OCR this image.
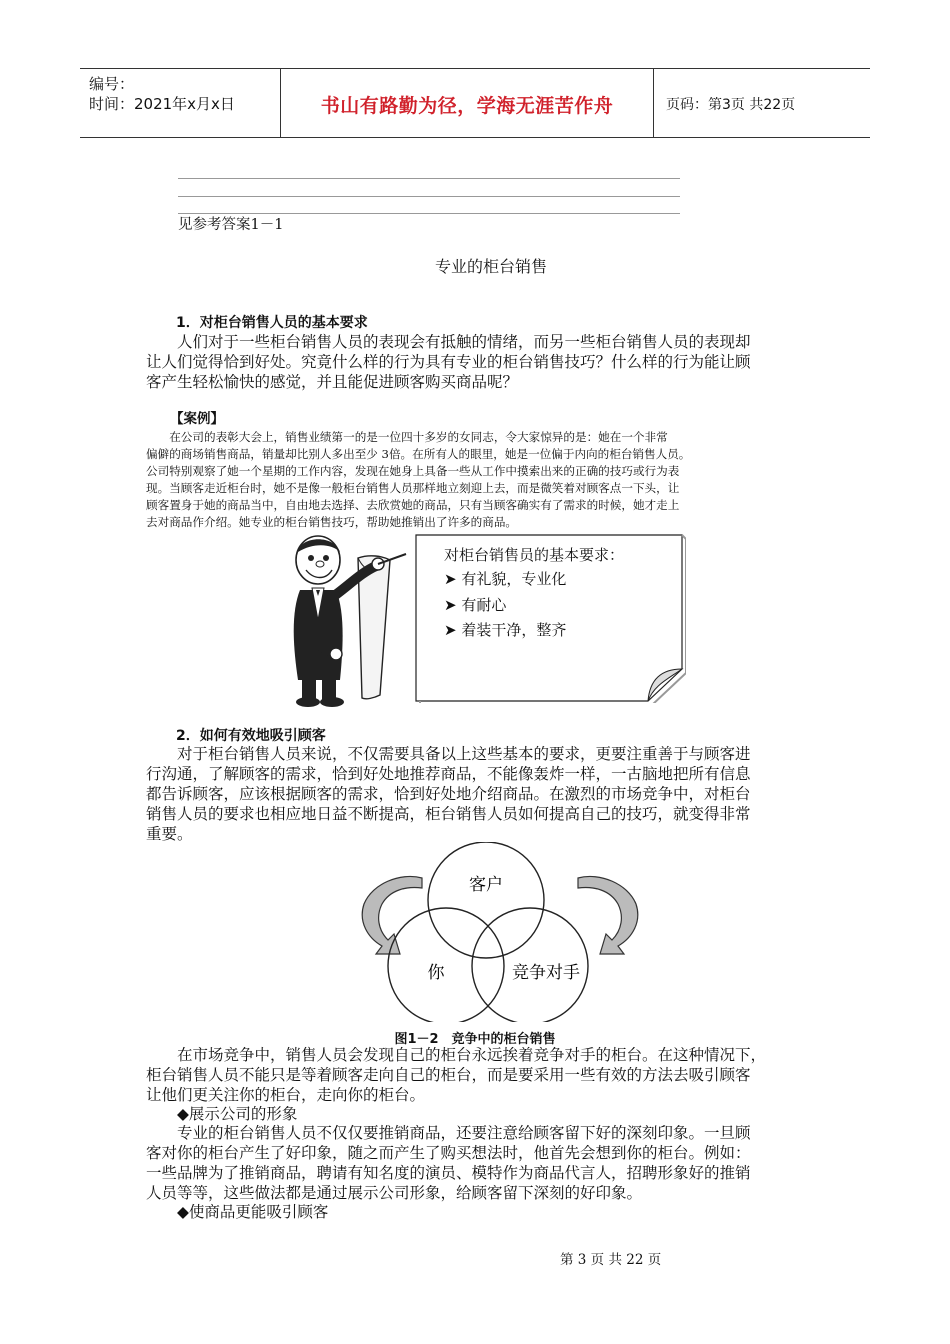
编号：
时间：2021年x月x日	书山有路勤为径，学海无涯苦作舟	页码：第3页 共22页
见参考答案1－1
专业的柜台销售
1．对柜台销售人员的基本要求
　　人们对于一些柜台销售人员的表现会有抵触的情绪，而另一些柜台销售人员的表现却
让人们觉得恰到好处。究竟什么样的行为具有专业的柜台销售技巧？什么样的行为能让顾
客产生轻松愉快的感觉，并且能促进顾客购买商品呢？
【案例】
　　在公司的表彰大会上，销售业绩第一的是一位四十多岁的女同志，令大家惊异的是：她在一个非常
偏僻的商场销售商品，销量却比别人多出至少 3倍。在所有人的眼里，她是一位偏于内向的柜台销售人员。
公司特别观察了她一个星期的工作内容，发现在她身上具备一些从工作中摸索出来的正确的技巧或行为表
现。当顾客走近柜台时，她不是像一般柜台销售人员那样地立刻迎上去，而是微笑着对顾客点一下头，让
顾客置身于她的商品当中，自由地去选择、去欣赏她的商品，只有当顾客确实有了需求的时候，她才走上
去对商品作介绍。她专业的柜台销售技巧，帮助她推销出了许多的商品。
对柜台销售员的基本要求：
➤ 有礼貌，专业化
➤ 有耐心
➤ 着装干净，整齐
2．如何有效地吸引顾客
　　对于柜台销售人员来说，不仅需要具备以上这些基本的要求，更要注重善于与顾客进
行沟通，了解顾客的需求，恰到好处地推荐商品，不能像轰炸一样，一古脑地把所有信息
都告诉顾客，应该根据顾客的需求，恰到好处地介绍商品。在激烈的市场竞争中，对柜台
销售人员的要求也相应地日益不断提高，柜台销售人员如何提高自己的技巧，就变得非常
重要。
客户
你	竞争对手
图1－2　竞争中的柜台销售
　　在市场竞争中，销售人员会发现自己的柜台永远挨着竞争对手的柜台。在这种情况下，
柜台销售人员不能只是等着顾客走向自己的柜台，而是要采用一些有效的方法去吸引顾客
让他们更关注你的柜台，走向你的柜台。
　　◆展示公司的形象
　　专业的柜台销售人员不仅仅要推销商品，还要注意给顾客留下好的深刻印象。一旦顾
客对你的柜台产生了好印象，随之而产生了购买想法时，他首先会想到你的柜台。例如：
一些品牌为了推销商品，聘请有知名度的演员、模特作为商品代言人，招聘形象好的推销
人员等等，这些做法都是通过展示公司形象，给顾客留下深刻的好印象。
　　◆使商品更能吸引顾客
第 3 页 共 22 页
